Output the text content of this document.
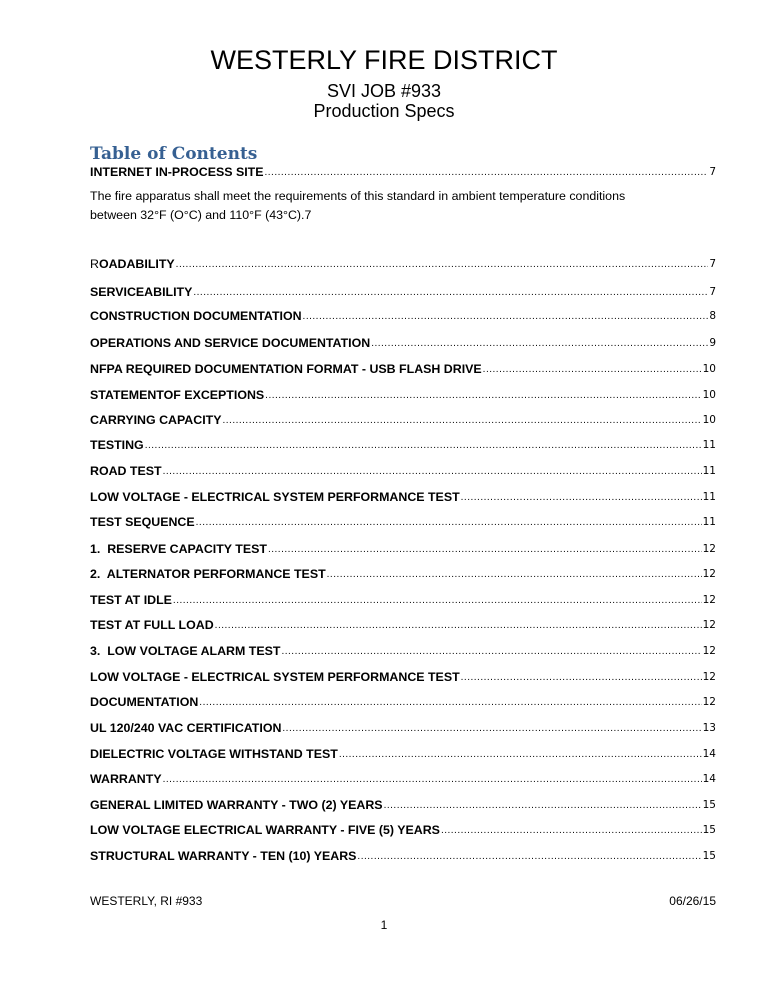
WESTERLY FIRE DISTRICT
SVI JOB #933
Production Specs
Table of Contents
INTERNET IN-PROCESS SITE .....	7
The fire apparatus shall meet the requirements of this standard in ambient temperature conditions
between 32°F (O°C) and 110°F (43°C). 7
R OADABILITY .....	7
SERVICEABILITY .....	7
CONSTRUCTION DOCUMENTATION .....	8
OPERATIONS AND SERVICE DOCUMENTATION .....	9
NFPA REQUIRED DOCUMENTATION FORMAT - USB FLASH DRIVE .....	10
STATEMENTOF EXCEPTIONS .....	10
CARRYING CAPACITY .....	10
TESTING .....	11
ROAD TEST .....	11
LOW VOLTAGE - ELECTRICAL SYSTEM PERFORMANCE TEST .....	11
TEST SEQUENCE .....	11
1.  RESERVE CAPACITY TEST .....	12
2.  ALTERNATOR PERFORMANCE TEST .....	12
TEST AT IDLE .....	12
TEST AT FULL LOAD .....	12
3.  LOW VOLTAGE ALARM TEST .....	12
LOW VOLTAGE - ELECTRICAL SYSTEM PERFORMANCE TEST .....	12
DOCUMENTATION .....	12
UL 120/240 VAC CERTIFICATION .....	13
DIELECTRIC VOLTAGE WITHSTAND TEST .....	14
WARRANTY .....	14
GENERAL LIMITED WARRANTY - TWO (2) YEARS .....	15
LOW VOLTAGE ELECTRICAL WARRANTY - FIVE (5) YEARS .....	15
STRUCTURAL WARRANTY - TEN (10) YEARS .....	15
WESTERLY, RI #933	06/26/15
1
